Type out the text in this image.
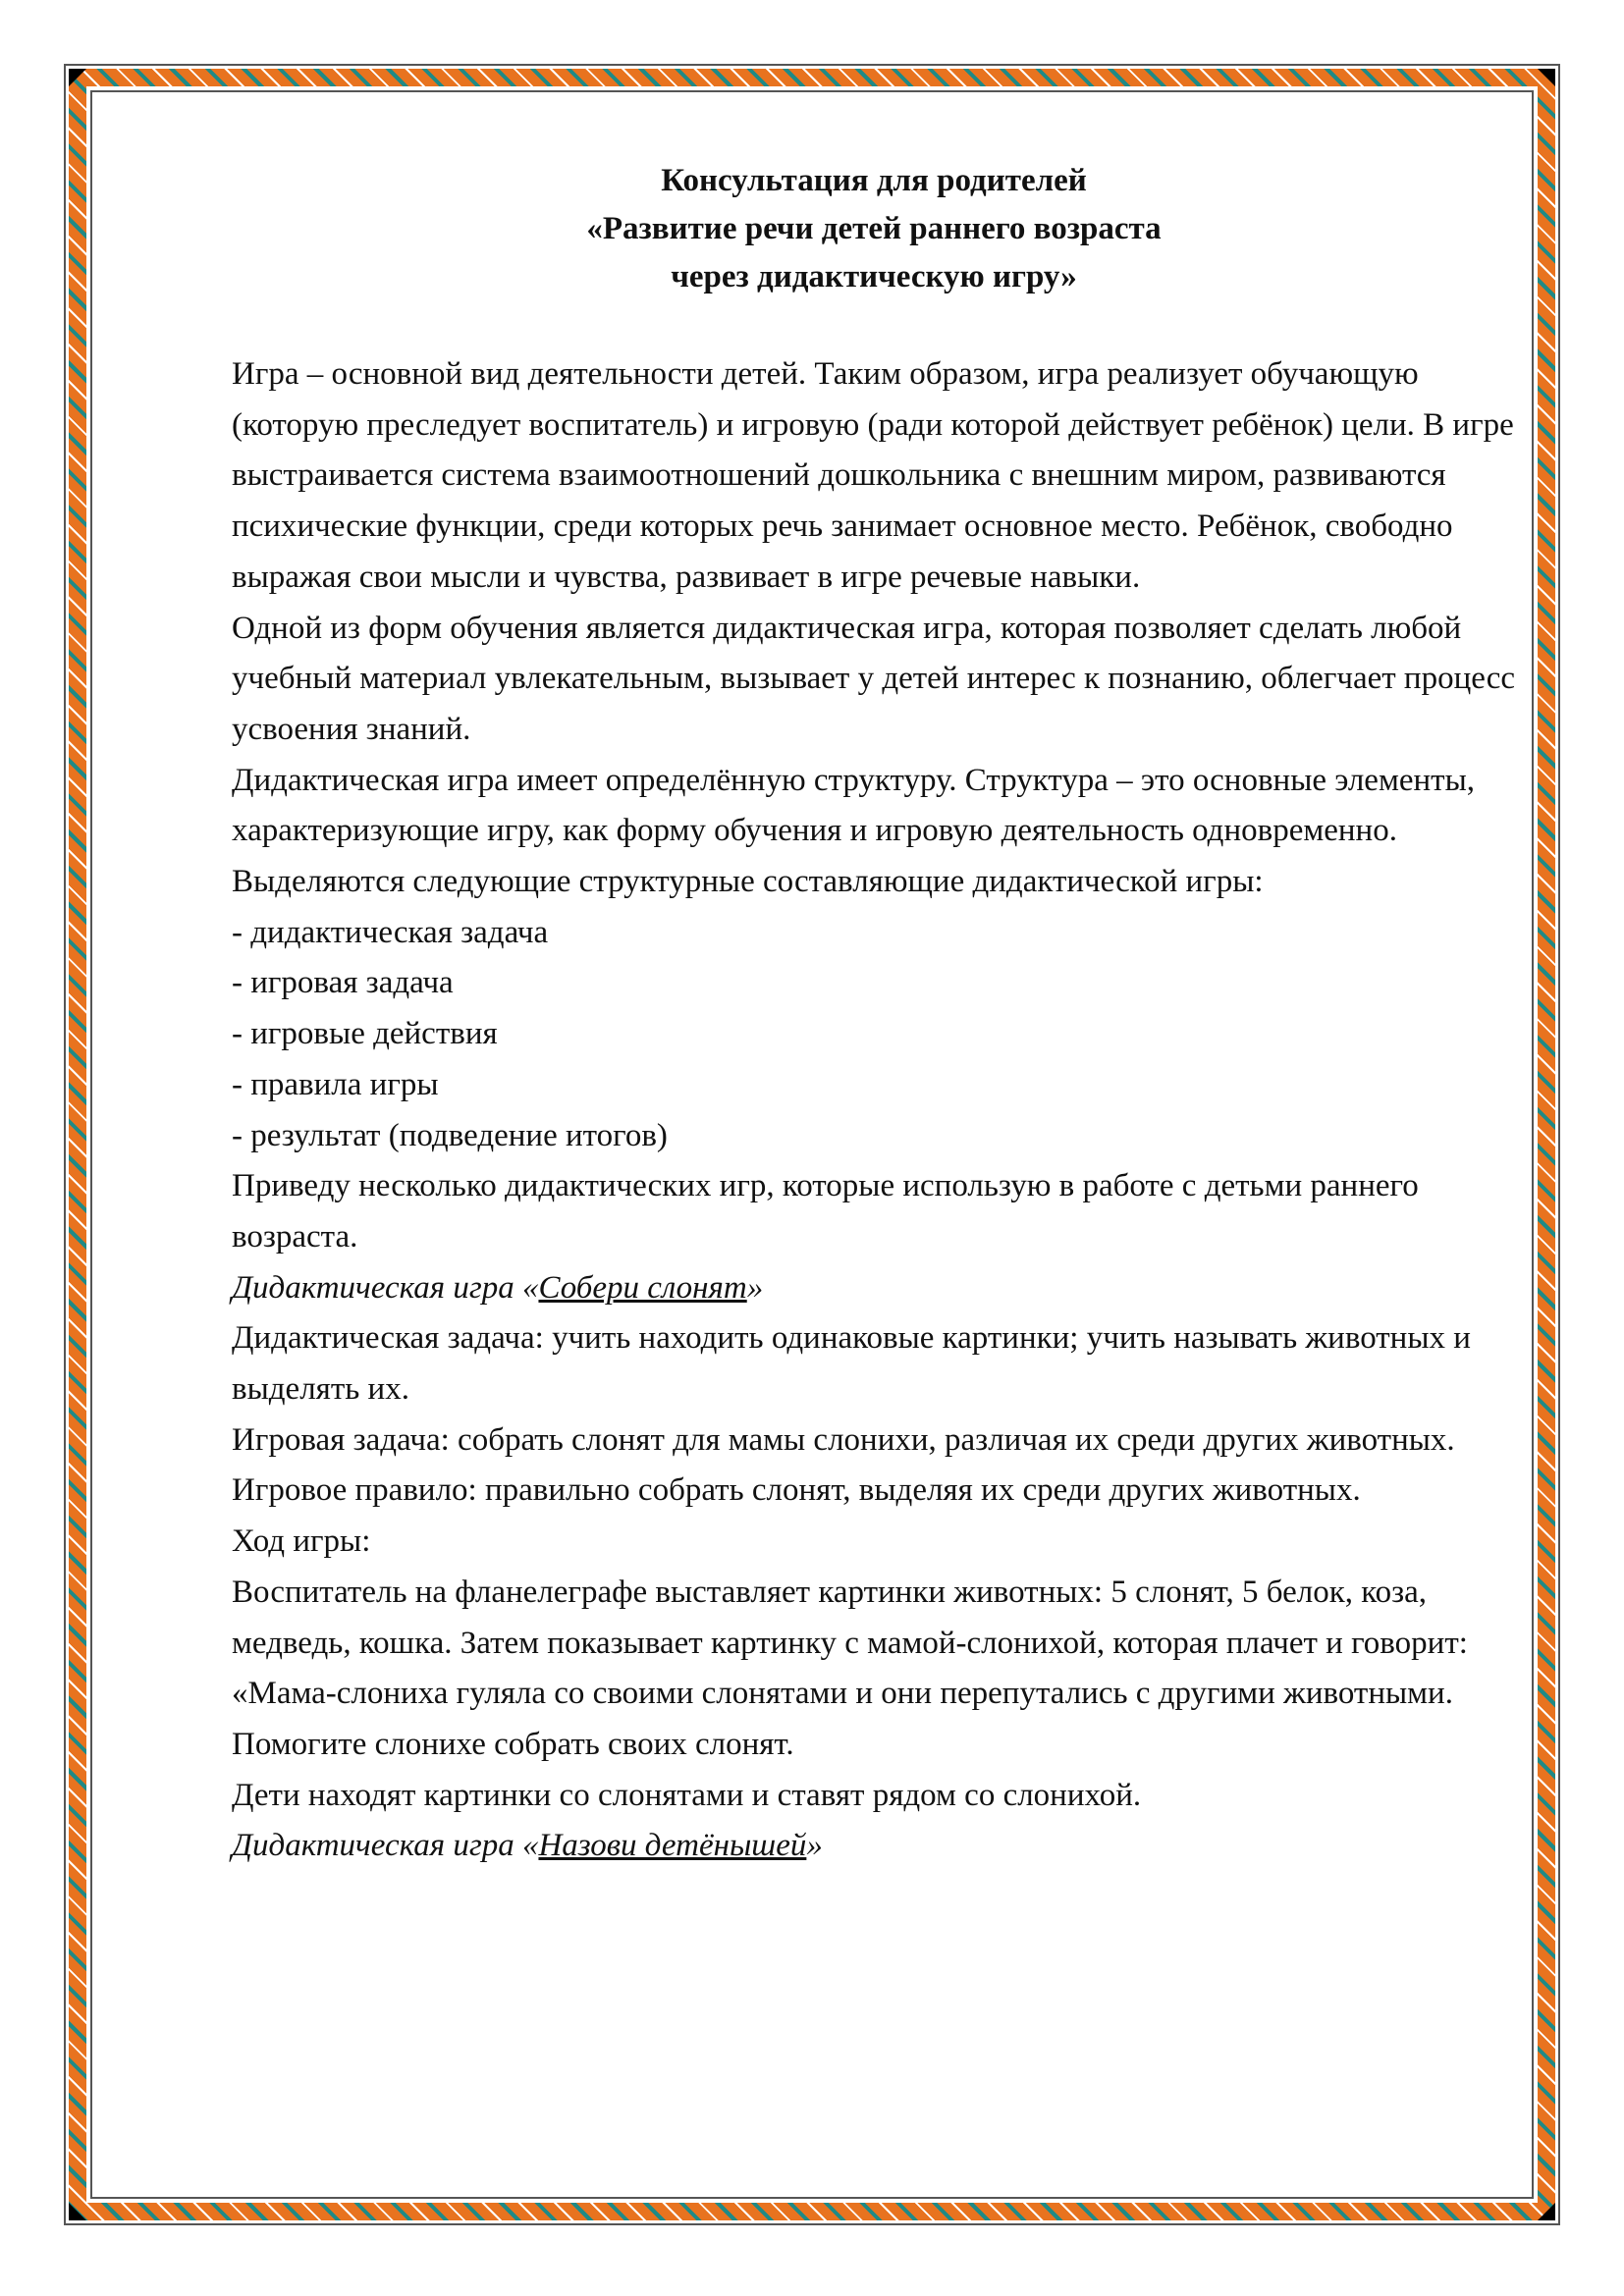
Консультация для родителей
«Развитие речи детей раннего возраста
через дидактическую игру»

Игра – основной вид деятельности детей. Таким образом, игра реализует обучающую (которую преследует воспитатель) и игровую (ради которой действует ребёнок) цели. В игре выстраивается система взаимоотношений дошкольника с внешним миром, развиваются психические функции, среди которых речь занимает основное место. Ребёнок, свободно выражая свои мысли и чувства, развивает в игре речевые навыки.

Одной из форм обучения является дидактическая игра, которая позволяет сделать любой учебный материал увлекательным, вызывает у детей интерес к познанию, облегчает процесс усвоения знаний.

Дидактическая игра имеет определённую структуру. Структура – это основные элементы, характеризующие игру, как форму обучения и игровую деятельность одновременно. Выделяются следующие структурные составляющие дидактической игры:

- дидактическая задача

- игровая задача

- игровые действия

- правила игры

- результат (подведение итогов)

Приведу несколько дидактических игр, которые использую в работе с детьми раннего возраста.

Дидактическая игра «Собери слонят»

Дидактическая задача: учить находить одинаковые картинки; учить называть животных и выделять их.

Игровая задача: собрать слонят для мамы слонихи, различая их среди других животных.

Игровое правило: правильно собрать слонят, выделяя их среди других животных.

Ход игры:

Воспитатель на фланелеграфе выставляет картинки животных: 5 слонят, 5 белок, коза, медведь, кошка. Затем показывает картинку с мамой-слонихой, которая плачет и говорит: «Мама-слониха гуляла со своими слонятами и они перепутались с другими животными. Помогите слонихе собрать своих слонят.

Дети находят картинки со слонятами и ставят рядом со слонихой.

Дидактическая игра «Назови детёнышей»
